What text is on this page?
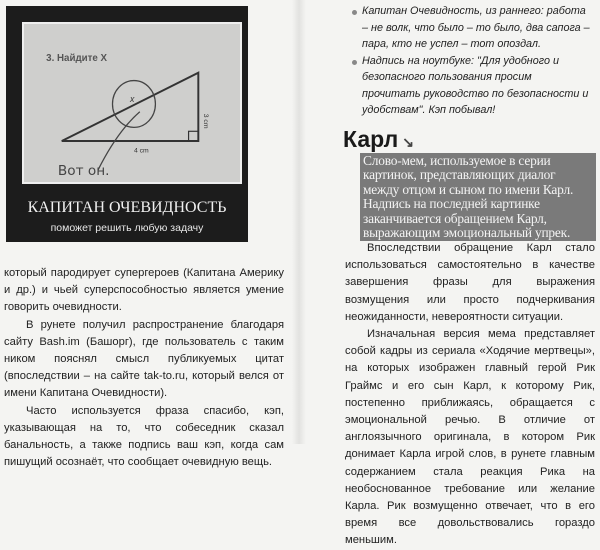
3. Найдите X
x
3 cm
4 cm
Вот он.
КАПИТАН ОЧЕВИДНОСТЬ
поможет решить любую задачу

который пародирует супергероев (Капитана Америку и др.) и чьей суперспособностью является умение говорить очевидности.

В рунете получил распространение благодаря сайту Bash.im (Башорг), где пользователь с таким ником пояснял смысл публикуемых цитат (впоследствии – на сайте tak-to.ru, который велся от имени Капитана Очевидности).

Часто используется фраза спасибо, кэп, указывающая на то, что собеседник сказал банальность, а также подпись ваш кэп, когда сам пишущий осознаёт, что сообщает очевидную вещь.

Капитан Очевидность, из раннего: работа – не волк, что было – то было, два сапога – пара, кто не успел – тот опоздал.
Надпись на ноутбуке: "Для удобного и безопасного пользования просим прочитать руководство по безопасности и удобствам". Кэп побывал!
Карл ↘
Слово-мем, используемое в серии картинок, представляющих диалог между отцом и сыном по имени Карл. Надпись на последней картинке заканчивается обращением Карл, выражающим эмоциональный упрек.

Впоследствии обращение Карл стало использоваться самостоятельно в качестве завершения фразы для выражения возмущения или просто подчеркивания неожиданности, невероятности ситуации.

Изначальная версия мема представляет собой кадры из сериала «Ходячие мертвецы», на которых изображен главный герой Рик Граймс и его сын Карл, к которому Рик, постепенно приближаясь, обращается с эмоциональной речью. В отличие от англоязычного оригинала, в котором Рик донимает Карла игрой слов, в рунете главным содержанием стала реакция Рика на необоснованное требование или желание Карла. Рик возмущенно отвечает, что в его время все довольствовались гораздо меньшим.
